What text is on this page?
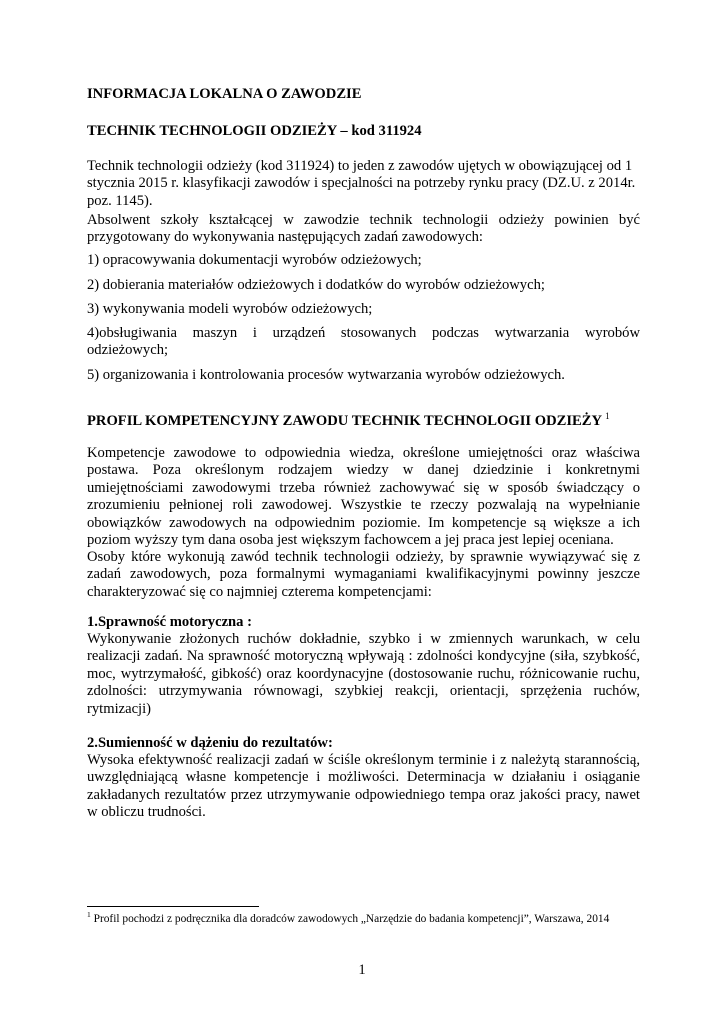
INFORMACJA LOKALNA O ZAWODZIE

TECHNIK TECHNOLOGII ODZIEŻY – kod 311924

Technik technologii odzieży (kod 311924) to jeden z zawodów ujętych w obowiązującej od 1 stycznia 2015 r. klasyfikacji zawodów i specjalności na potrzeby rynku pracy (DZ.U. z 2014r. poz. 1145).

Absolwent szkoły kształcącej w zawodzie technik technologii odzieży powinien być przygotowany do wykonywania następujących zadań zawodowych:

1) opracowywania dokumentacji wyrobów odzieżowych;

2) dobierania materiałów odzieżowych i dodatków do wyrobów odzieżowych;

3) wykonywania modeli wyrobów odzieżowych;

4)obsługiwania maszyn i urządzeń stosowanych podczas wytwarzania wyrobów odzieżowych;

5) organizowania i kontrolowania procesów wytwarzania wyrobów odzieżowych.

PROFIL KOMPETENCYJNY ZAWODU TECHNIK TECHNOLOGII ODZIEŻY $^1$

Kompetencje zawodowe to odpowiednia wiedza, określone umiejętności oraz właściwa postawa. Poza określonym rodzajem wiedzy w danej dziedzinie i konkretnymi umiejętnościami zawodowymi trzeba również zachowywać się w sposób świadczący o zrozumieniu pełnionej roli zawodowej. Wszystkie te rzeczy pozwalają na wypełnianie obowiązków zawodowych na odpowiednim poziomie. Im kompetencje są większe a ich poziom wyższy tym dana osoba jest większym fachowcem a jej praca jest lepiej oceniana.

Osoby które wykonują zawód technik technologii odzieży, by sprawnie wywiązywać się z zadań zawodowych, poza formalnymi wymaganiami kwalifikacyjnymi powinny jeszcze charakteryzować się co najmniej czterema kompetencjami:

1.Sprawność motoryczna :

Wykonywanie złożonych ruchów dokładnie, szybko i w zmiennych warunkach, w celu realizacji zadań. Na sprawność motoryczną wpływają : zdolności kondycyjne (siła, szybkość, moc, wytrzymałość, gibkość) oraz koordynacyjne (dostosowanie ruchu, różnicowanie ruchu, zdolności: utrzymywania równowagi, szybkiej reakcji, orientacji, sprzężenia ruchów, rytmizacji)

2.Sumienność w dążeniu do rezultatów:

Wysoka efektywność realizacji zadań w ściśle określonym terminie i z należytą starannością, uwzględniającą własne kompetencje i możliwości. Determinacja w działaniu i osiąganie zakładanych rezultatów przez utrzymywanie odpowiedniego tempa oraz jakości pracy, nawet w obliczu trudności.

$^1$ Profil pochodzi z podręcznika dla doradców zawodowych „Narzędzie do badania kompetencji”, Warszawa, 2014

1
